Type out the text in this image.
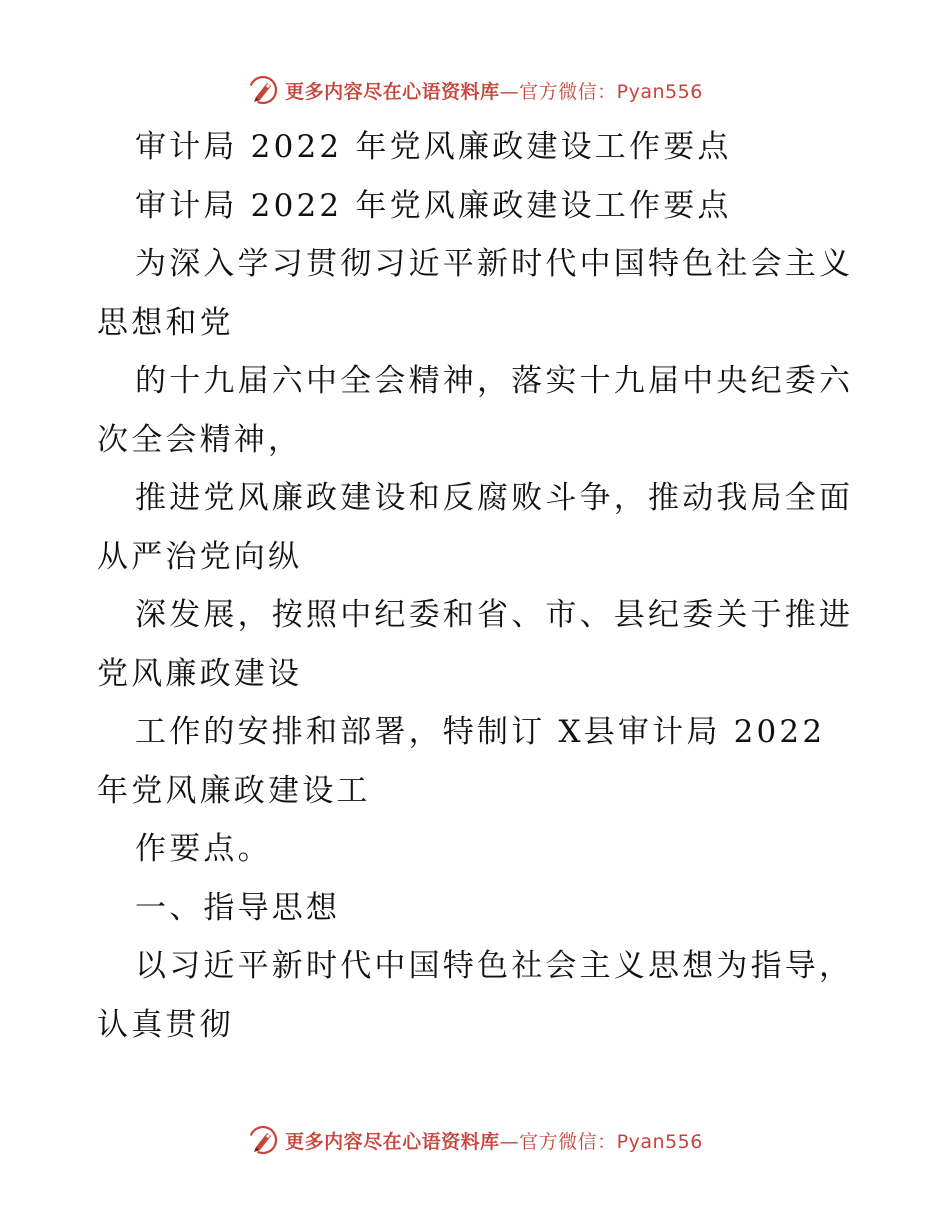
更多内容尽在心语资料库—官方微信：Pyan556
审计局 2022 年党风廉政建设工作要点
审计局 2022 年党风廉政建设工作要点
为深入学习贯彻习近平新时代中国特色社会主义
思想和党
的十九届六中全会精神，落实十九届中央纪委六
次全会精神，
推进党风廉政建设和反腐败斗争，推动我局全面
从严治党向纵
深发展，按照中纪委和省、市、县纪委关于推进
党风廉政建设
工作的安排和部署，特制订 X县审计局 2022
年党风廉政建设工
作要点。
一、指导思想
以习近平新时代中国特色社会主义思想为指导，
认真贯彻
更多内容尽在心语资料库—官方微信：Pyan556
